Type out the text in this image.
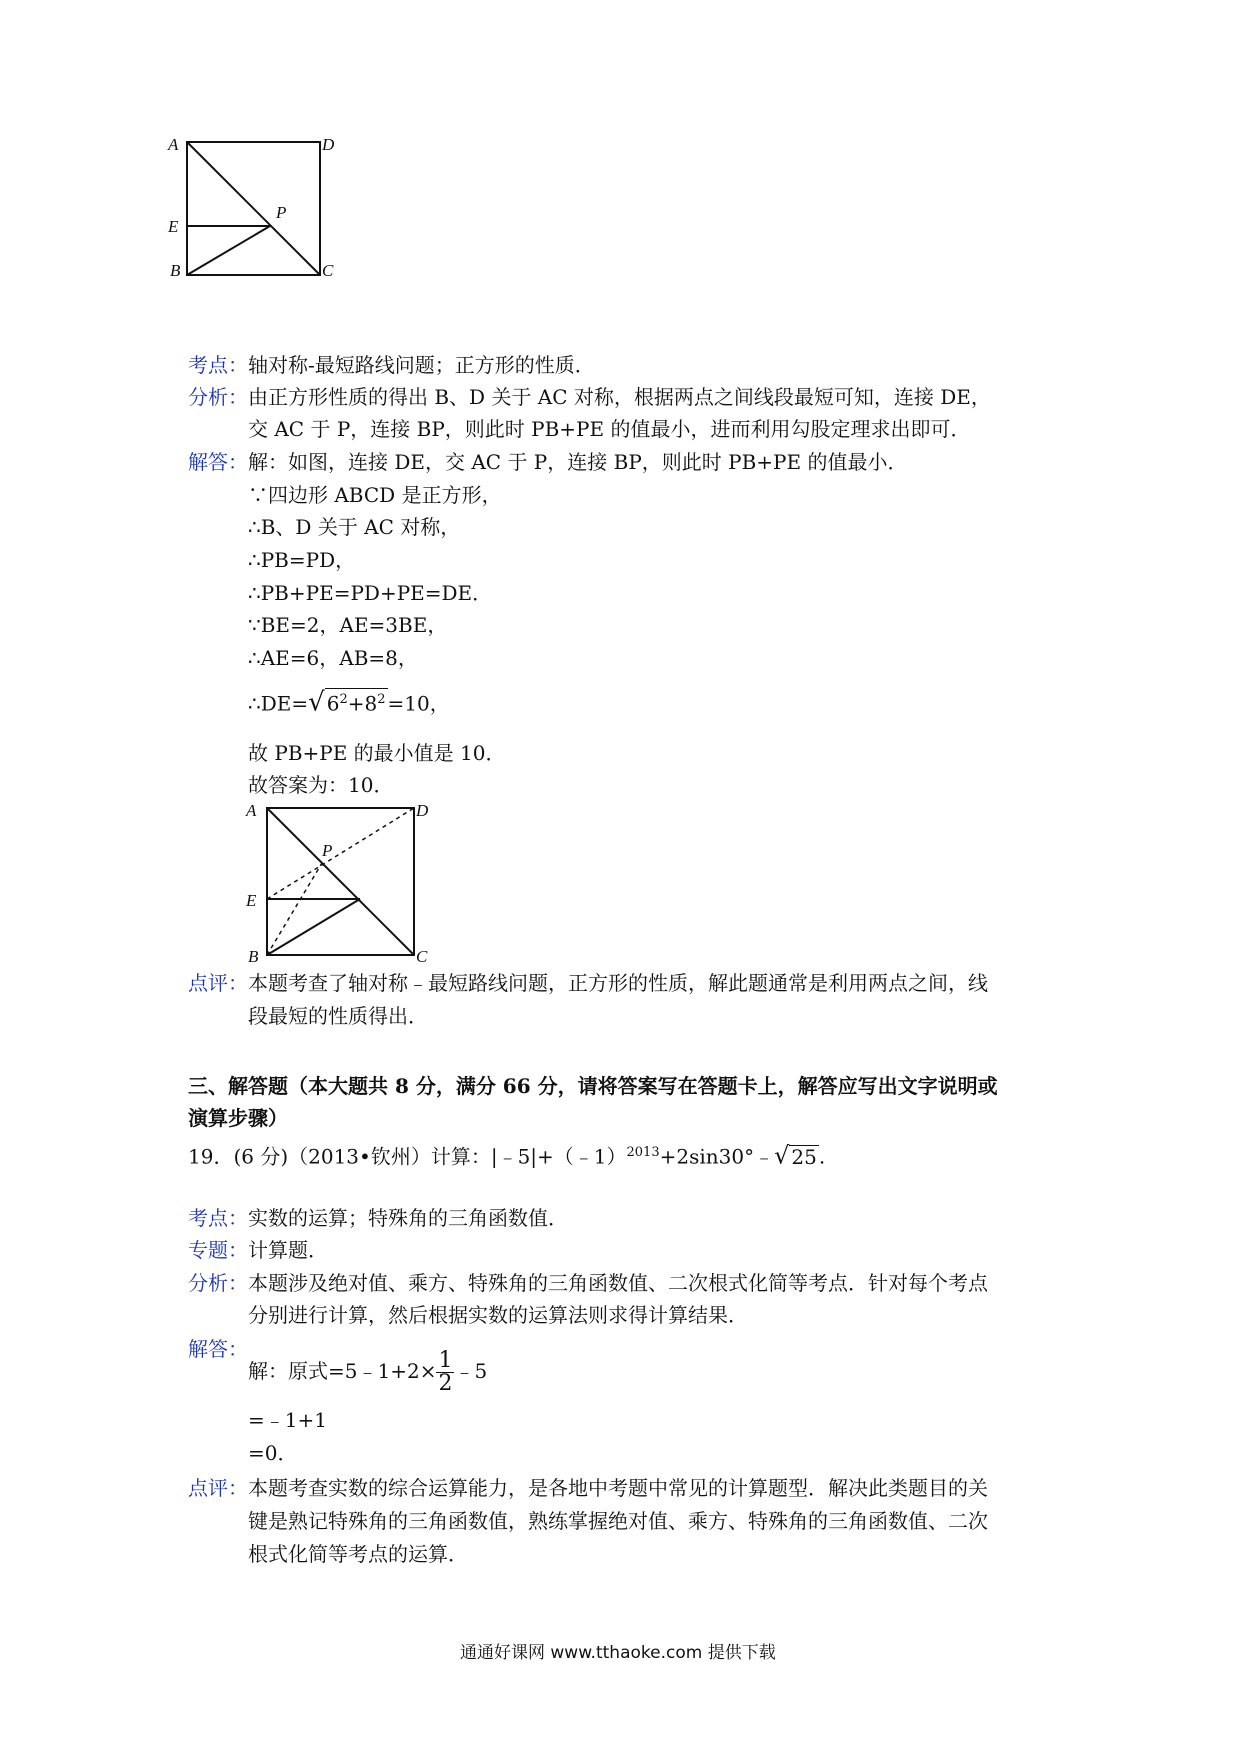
A	D
E
P
B	C
考点：轴对称-最短路线问题；正方形的性质．
分析：由正方形性质的得出 B、D 关于 AC 对称，根据两点之间线段最短可知，连接 DE，
交 AC 于 P，连接 BP，则此时 PB+PE 的值最小，进而利用勾股定理求出即可．
解答：解：如图，连接 DE，交 AC 于 P，连接 BP，则此时 PB+PE 的值最小．
∵四边形 ABCD 是正方形，
∴B、D 关于 AC 对称，
∴PB=PD，
∴PB+PE=PD+PE=DE．
∵BE=2，AE=3BE，
∴AE=6，AB=8，
∴DE=√ $6^2+8^2 =10$，
故 PB+PE 的最小值是 10．
故答案为：10．
A	D
P
E
B	C
点评：本题考查了轴对称﹣最短路线问题，正方形的性质，解此题通常是利用两点之间，线
段最短的性质得出．
三、解答题（本大题共 8 分，满分 66 分，请将答案写在答题卡上，解答应写出文字说明或
演算步骤）
19．(6 分)（2013•钦州）计算：|﹣5|+（﹣1）$^{2013}$+2sin30°﹣√ 25 .
考点：实数的运算；特殊角的三角函数值．
专题：计算题．
分析：本题涉及绝对值、乘方、特殊角的三角函数值、二次根式化简等考点．针对每个考点
分别进行计算，然后根据实数的运算法则求得计算结果．
解答：
解：原式=5﹣1+2× $\frac{1}{2}$ ﹣5
=﹣1+1
=0．
点评：本题考查实数的综合运算能力，是各地中考题中常见的计算题型．解决此类题目的关
键是熟记特殊角的三角函数值，熟练掌握绝对值、乘方、特殊角的三角函数值、二次
根式化简等考点的运算．
通通好课网 www.tthaoke.com 提供下载
